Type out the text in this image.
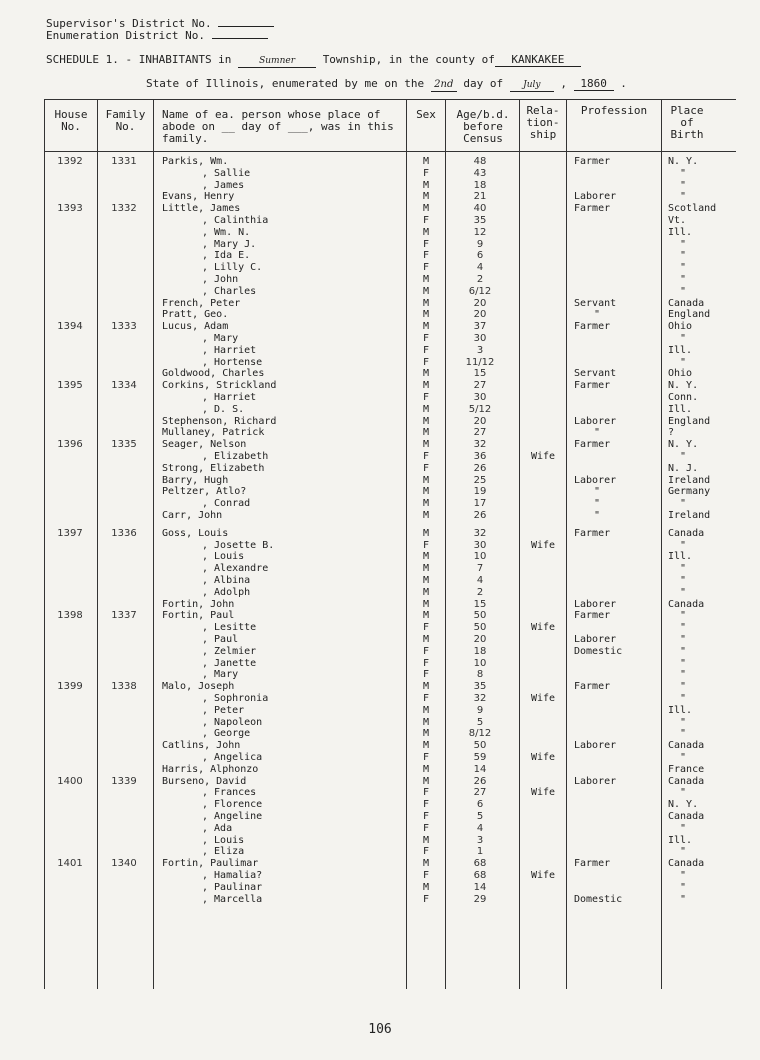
Supervisor's District No.
Enumeration District No.
SCHEDULE 1. - INHABITANTS in	Sumner	Township, in the county of KANKAKEE
State of Illinois, enumerated by me on the 2nd day of July , 1860 .
House No.
Family No.
Name of ea. person whose place of abode on __ day of ___, was in this family.
Sex	Age/b.d. before Census
Rela- tion- ship
Profession	Place of Birth
1392	1331	Parkis, Wm.	M	48	Farmer	N. Y.
, Sallie	F	43	"
, James	M	18	"
Evans, Henry	M	21	Laborer	"
1393	1332	Little, James	M	40	Farmer	Scotland
, Calinthia	F	35	Vt.
, Wm. N.	M	12	Ill.
, Mary J.	F	9	"
, Ida E.	F	6	"
, Lilly C.	F	4	"
, John	M	2	"
, Charles	M	6/12	"
French, Peter	M	20	Servant	Canada
Pratt, Geo.	M	20	"	England
1394	1333	Lucus, Adam	M	37	Farmer	Ohio
, Mary	F	30	"
, Harriet	F	3	Ill.
, Hortense	F	11/12	"
Goldwood, Charles	M	15	Servant	Ohio
1395	1334	Corkins, Strickland	M	27	Farmer	N. Y.
, Harriet	F	30	Conn.
, D. S.	M	5/12	Ill.
Stephenson, Richard	M	20	Laborer	England
Mullaney, Patrick	M	27	"	?
1396	1335	Seager, Nelson	M	32	Farmer	N. Y.
, Elizabeth	F	36	Wife	"
Strong, Elizabeth	F	26	N. J.
Barry, Hugh	M	25	Laborer	Ireland
Peltzer, Atlo?	M	19	"	Germany
, Conrad	M	17	"	"
Carr, John	M	26	"	Ireland
1397	1336	Goss, Louis	M	32	Farmer	Canada
, Josette B.	F	30	Wife	"
, Louis	M	10	Ill.
, Alexandre	M	7	"
, Albina	M	4	"
, Adolph	M	2	"
Fortin, John	M	15	Laborer	Canada
1398	1337	Fortin, Paul	M	50	Farmer	"
, Lesitte	F	50	Wife	"
, Paul	M	20	Laborer	"
, Zelmier	F	18	Domestic	"
, Janette	F	10	"
, Mary	F	8	"
1399	1338	Malo, Joseph	M	35	Farmer	"
, Sophronia	F	32	Wife	"
, Peter	M	9	Ill.
, Napoleon	M	5	"
, George	M	8/12	"
Catlins, John	M	50	Laborer	Canada
, Angelica	F	59	Wife	"
Harris, Alphonzo	M	14	France
1400	1339	Burseno, David	M	26	Laborer	Canada
, Frances	F	27	Wife	"
, Florence	F	6	N. Y.
, Angeline	F	5	Canada
, Ada	F	4	"
, Louis	M	3	Ill.
, Eliza	F	1	"
1401	1340	Fortin, Paulimar	M	68	Farmer	Canada
, Hamalia?	F	68	Wife	"
, Paulinar	M	14	"
, Marcella	F	29	Domestic	"
106
